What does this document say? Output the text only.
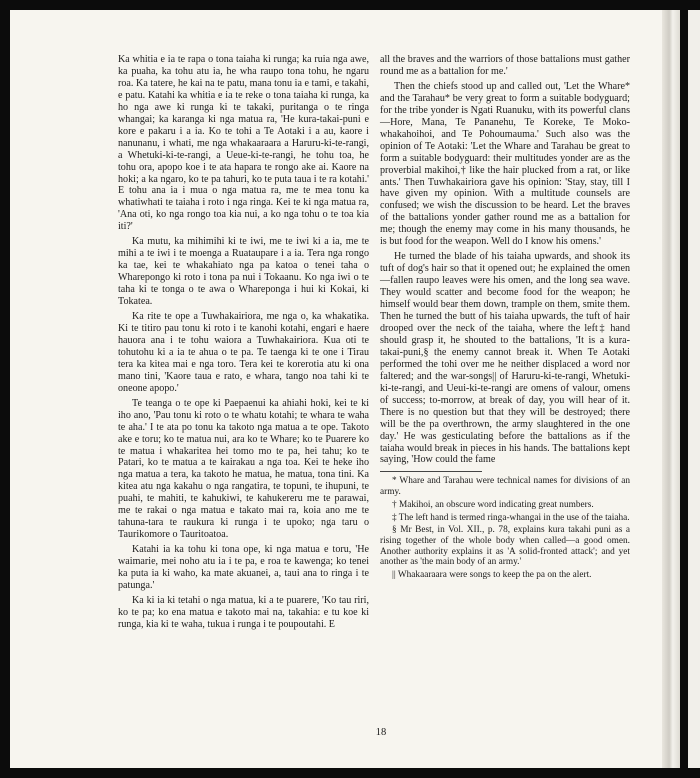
Ka whitia e ia te rapa o tona taiaha ki runga; ka ruia nga awe, ka puaha, ka tohu atu ia, he wha raupo tona tohu, he ngaru roa. Ka tatere, he kai na te patu, mana tonu ia e tami, e takahi, e patu. Katahi ka whitia e ia te reke o tona taiaha ki runga, ka ho nga awe ki runga ki te takaki, puritanga o te ringa whangai; ka karanga ki nga matua ra, 'He kura-takai-puni e kore e pakaru i a ia. Ko te tohi a Te Aotaki i a au, kaore i nanunanu, i whati, me nga whakaaraara a Haruru-ki-te-rangi, a Whetuki-ki-te-rangi, a Ueue-ki-te-rangi, he tohu toa, he tohu ora, apopo koe i te ata hapara te rongo ake ai. Kaore na hoki; a ka ngaro, ko te pa tahuri, ko te puta taua i te ra kotahi.' E tohu ana ia i mua o nga matua ra, me te mea tonu ka whatiwhati te taiaha i roto i nga ringa. Kei te ki nga matua ra, 'Ana oti, ko nga rongo toa kia nui, a ko nga tohu o te toa kia iti?'

Ka mutu, ka mihimihi ki te iwi, me te iwi ki a ia, me te mihi a te iwi i te moenga a Ruataupare i a ia. Tera nga rongo ka tae, kei te whakahiato nga pa katoa o tenei taha o Wharepongo ki roto i tona pa nui i Tokaanu. Ko nga iwi o te taha ki te tonga o te awa o Whareponga i hui ki Kokai, ki Tokatea.

Ka rite te ope a Tuwhakairiora, me nga o, ka whakatika. Ki te titiro pau tonu ki roto i te kanohi kotahi, engari e haere hauora ana i te tohu waiora a Tuwhakairiora. Kua oti te tohutohu ki a ia te ahua o te pa. Te taenga ki te one i Tirau tera ka kitea mai e nga toro. Tera kei te korerotia atu ki ona mano tini, 'Kaore taua e rato, e whara, tango noa tahi ki te oneone apopo.'

Te teanga o te ope ki Paepaenui ka ahiahi hoki, kei te ki iho ano, 'Pau tonu ki roto o te whatu kotahi; te whara te waha te aha.' I te ata po tonu ka takoto nga matua a te ope. Takoto ake e toru; ko te matua nui, ara ko te Whare; ko te Puarere ko te matua i whakaritea hei tomo mo te pa, hei tahu; ko te Patari, ko te matua a te kairakau a nga toa. Kei te heke iho nga matua a tera, ka takoto he matua, he matua, tona tini. Ka kitea atu nga kakahu o nga rangatira, te topuni, te ihupuni, te puahi, te mahiti, te kahukiwi, te kahukereru me te parawai, me te rakai o nga matua e takato mai ra, koia ano me te tahuna-tara te raukura ki runga i te upoko; nga taru o Taurikomore o Tauritoatoa.

Katahi ia ka tohu ki tona ope, ki nga matua e toru, 'He waimarie, mei noho atu ia i te pa, e roa te kawenga; ko tenei ka puta ia ki waho, ka mate akuanei, a, taui ana to ringa i te patunga.'

Ka ki ia ki tetahi o nga matua, ki a te puarere, 'Ko tau riri, ko te pa; ko ena matua e takoto mai na, takahia: e tu koe ki runga, kia ki te waha, tukua i runga i te poupoutahi. E

all the braves and the warriors of those battalions must gather round me as a battalion for me.'

Then the chiefs stood up and called out, 'Let the Whare* and the Tarahau* be very great to form a suitable bodyguard; for the tribe yonder is Ngati Ruanuku, with its powerful clans—Hore, Mana, Te Pananehu, Te Koreke, Te Moko-whakahoihoi, and Te Pohoumauma.' Such also was the opinion of Te Aotaki: 'Let the Whare and Tarahau be great to form a suitable bodyguard: their multitudes yonder are as the proverbial makihoi,† like the hair plucked from a rat, or like ants.' Then Tuwhakairiora gave his opinion: 'Stay, stay, till I have given my opinion. With a multitude counsels are confused; we wish the discussion to be heard. Let the braves of the battalions yonder gather round me as a battalion for me; though the enemy may come in his many thousands, he is but food for the weapon. Well do I know his omens.'

He turned the blade of his taiaha upwards, and shook its tuft of dog's hair so that it opened out; he explained the omen—fallen raupo leaves were his omen, and the long sea wave. They would scatter and become food for the weapon; he himself would bear them down, trample on them, smite them. Then he turned the butt of his taiaha upwards, the tuft of hair drooped over the neck of the taiaha, where the left‡ hand should grasp it, he shouted to the battalions, 'It is a kura-takai-puni,§ the enemy cannot break it. When Te Aotaki performed the tohi over me he neither displaced a word nor faltered; and the war-songs|| of Haruru-ki-te-rangi, Whetuki-ki-te-rangi, and Ueui-ki-te-rangi are omens of valour, omens of success; to-morrow, at break of day, you will hear of it. There is no question but that they will be destroyed; there will be the pa overthrown, the army slaughtered in the one day.' He was gesticulating before the battalions as if the taiaha would break in pieces in his hands. The battalions kept saying, 'How could the fame

* Whare and Tarahau were technical names for divisions of an army.

† Makihoi, an obscure word indicating great numbers.

‡ The left hand is termed ringa-whangai in the use of the taiaha.

§ Mr Best, in Vol. XII., p. 78, explains kura takahi puni as a rising together of the whole body when called—a good omen. Another authority explains it as 'A solid-fronted attack'; and yet another as 'the main body of an army.'

|| Whakaaraara were songs to keep the pa on the alert.

18
